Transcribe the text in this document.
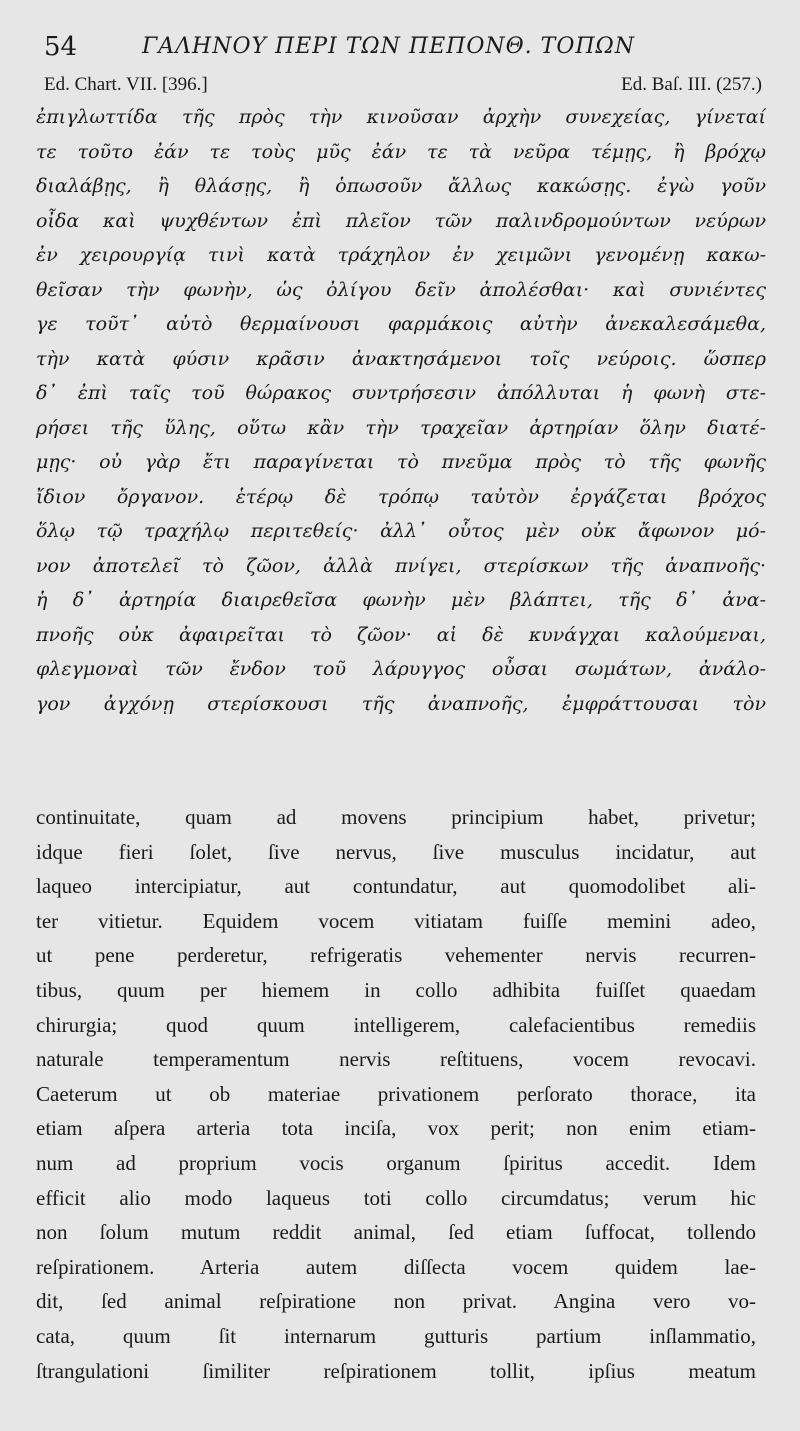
54	ΓΑΛΗΝΟΥ ΠΕΡΙ ΤΩΝ ΠΕΠΟΝΘ. ΤΟΠΩΝ
Ed. Chart. VII. [396.]	Ed. Baſ. III. (257.)
ἐπιγλωττίδα τῆς πρὸς τὴν κινοῦσαν ἀρχὴν συνεχείας, γίνεταί
τε τοῦτο ἐάν τε τοὺς μῦς ἐάν τε τὰ νεῦρα τέμῃς, ἢ βρόχῳ
διαλάβῃς, ἢ θλάσῃς, ἢ ὁπωσοῦν ἄλλως κακώσῃς. ἐγὼ γοῦν
οἶδα καὶ ψυχθέντων ἐπὶ πλεῖον τῶν παλινδρομούντων νεύρων
ἐν χειρουργίᾳ τινὶ κατὰ τράχηλον ἐν χειμῶνι γενομένῃ κακω-
θεῖσαν τὴν φωνὴν, ὡς ὀλίγου δεῖν ἀπολέσθαι· καὶ συνιέντες
γε τοῦτ᾽ αὐτὸ θερμαίνουσι φαρμάκοις αὐτὴν ἀνεκαλεσάμεθα,
τὴν κατὰ φύσιν κρᾶσιν ἀνακτησάμενοι τοῖς νεύροις. ὥσπερ
δ᾽ ἐπὶ ταῖς τοῦ θώρακος συντρήσεσιν ἀπόλλυται ἡ φωνὴ στε-
ρήσει τῆς ὕλης, οὕτω κἂν τὴν τραχεῖαν ἀρτηρίαν ὅλην διατέ-
μῃς· οὐ γὰρ ἔτι παραγίνεται τὸ πνεῦμα πρὸς τὸ τῆς φωνῆς
ἴδιον ὄργανον. ἑτέρῳ δὲ τρόπῳ ταὐτὸν ἐργάζεται βρόχος
ὅλῳ τῷ τραχήλῳ περιτεθείς· ἀλλ᾽ οὗτος μὲν οὐκ ἄφωνον μό-
νον ἀποτελεῖ τὸ ζῶον, ἀλλὰ πνίγει, στερίσκων τῆς ἀναπνοῆς·
ἡ δ᾽ ἀρτηρία διαιρεθεῖσα φωνὴν μὲν βλάπτει, τῆς δ᾽ ἀνα-
πνοῆς οὐκ ἀφαιρεῖται τὸ ζῶον· αἱ δὲ κυνάγχαι καλούμεναι,
φλεγμοναὶ τῶν ἔνδον τοῦ λάρυγγος οὖσαι σωμάτων, ἀνάλο-
γον ἀγχόνῃ στερίσκουσι τῆς ἀναπνοῆς, ἐμφράττουσαι τὸν
continuitate, quam ad movens principium habet, privetur;
idque fieri ſolet, ſive nervus, ſive musculus incidatur, aut
laqueo intercipiatur, aut contundatur, aut quomodolibet ali-
ter vitietur. Equidem vocem vitiatam fuiſſe memini adeo,
ut pene perderetur, refrigeratis vehementer nervis recurren-
tibus, quum per hiemem in collo adhibita fuiſſet quaedam
chirurgia; quod quum intelligerem, calefacientibus remediis
naturale temperamentum nervis reſtituens, vocem revocavi.
Caeterum ut ob materiae privationem perſorato thorace, ita
etiam aſpera arteria tota inciſa, vox perit; non enim etiam-
num ad proprium vocis organum ſpiritus accedit. Idem
efficit alio modo laqueus toti collo circumdatus; verum hic
non ſolum mutum reddit animal, ſed etiam ſuffocat, tollendo
reſpirationem. Arteria autem diſſecta vocem quidem lae-
dit, ſed animal reſpiratione non privat. Angina vero vo-
cata, quum ſit internarum gutturis partium inſlammatio,
ſtrangulationi ſimiliter reſpirationem tollit, ipſius meatum
